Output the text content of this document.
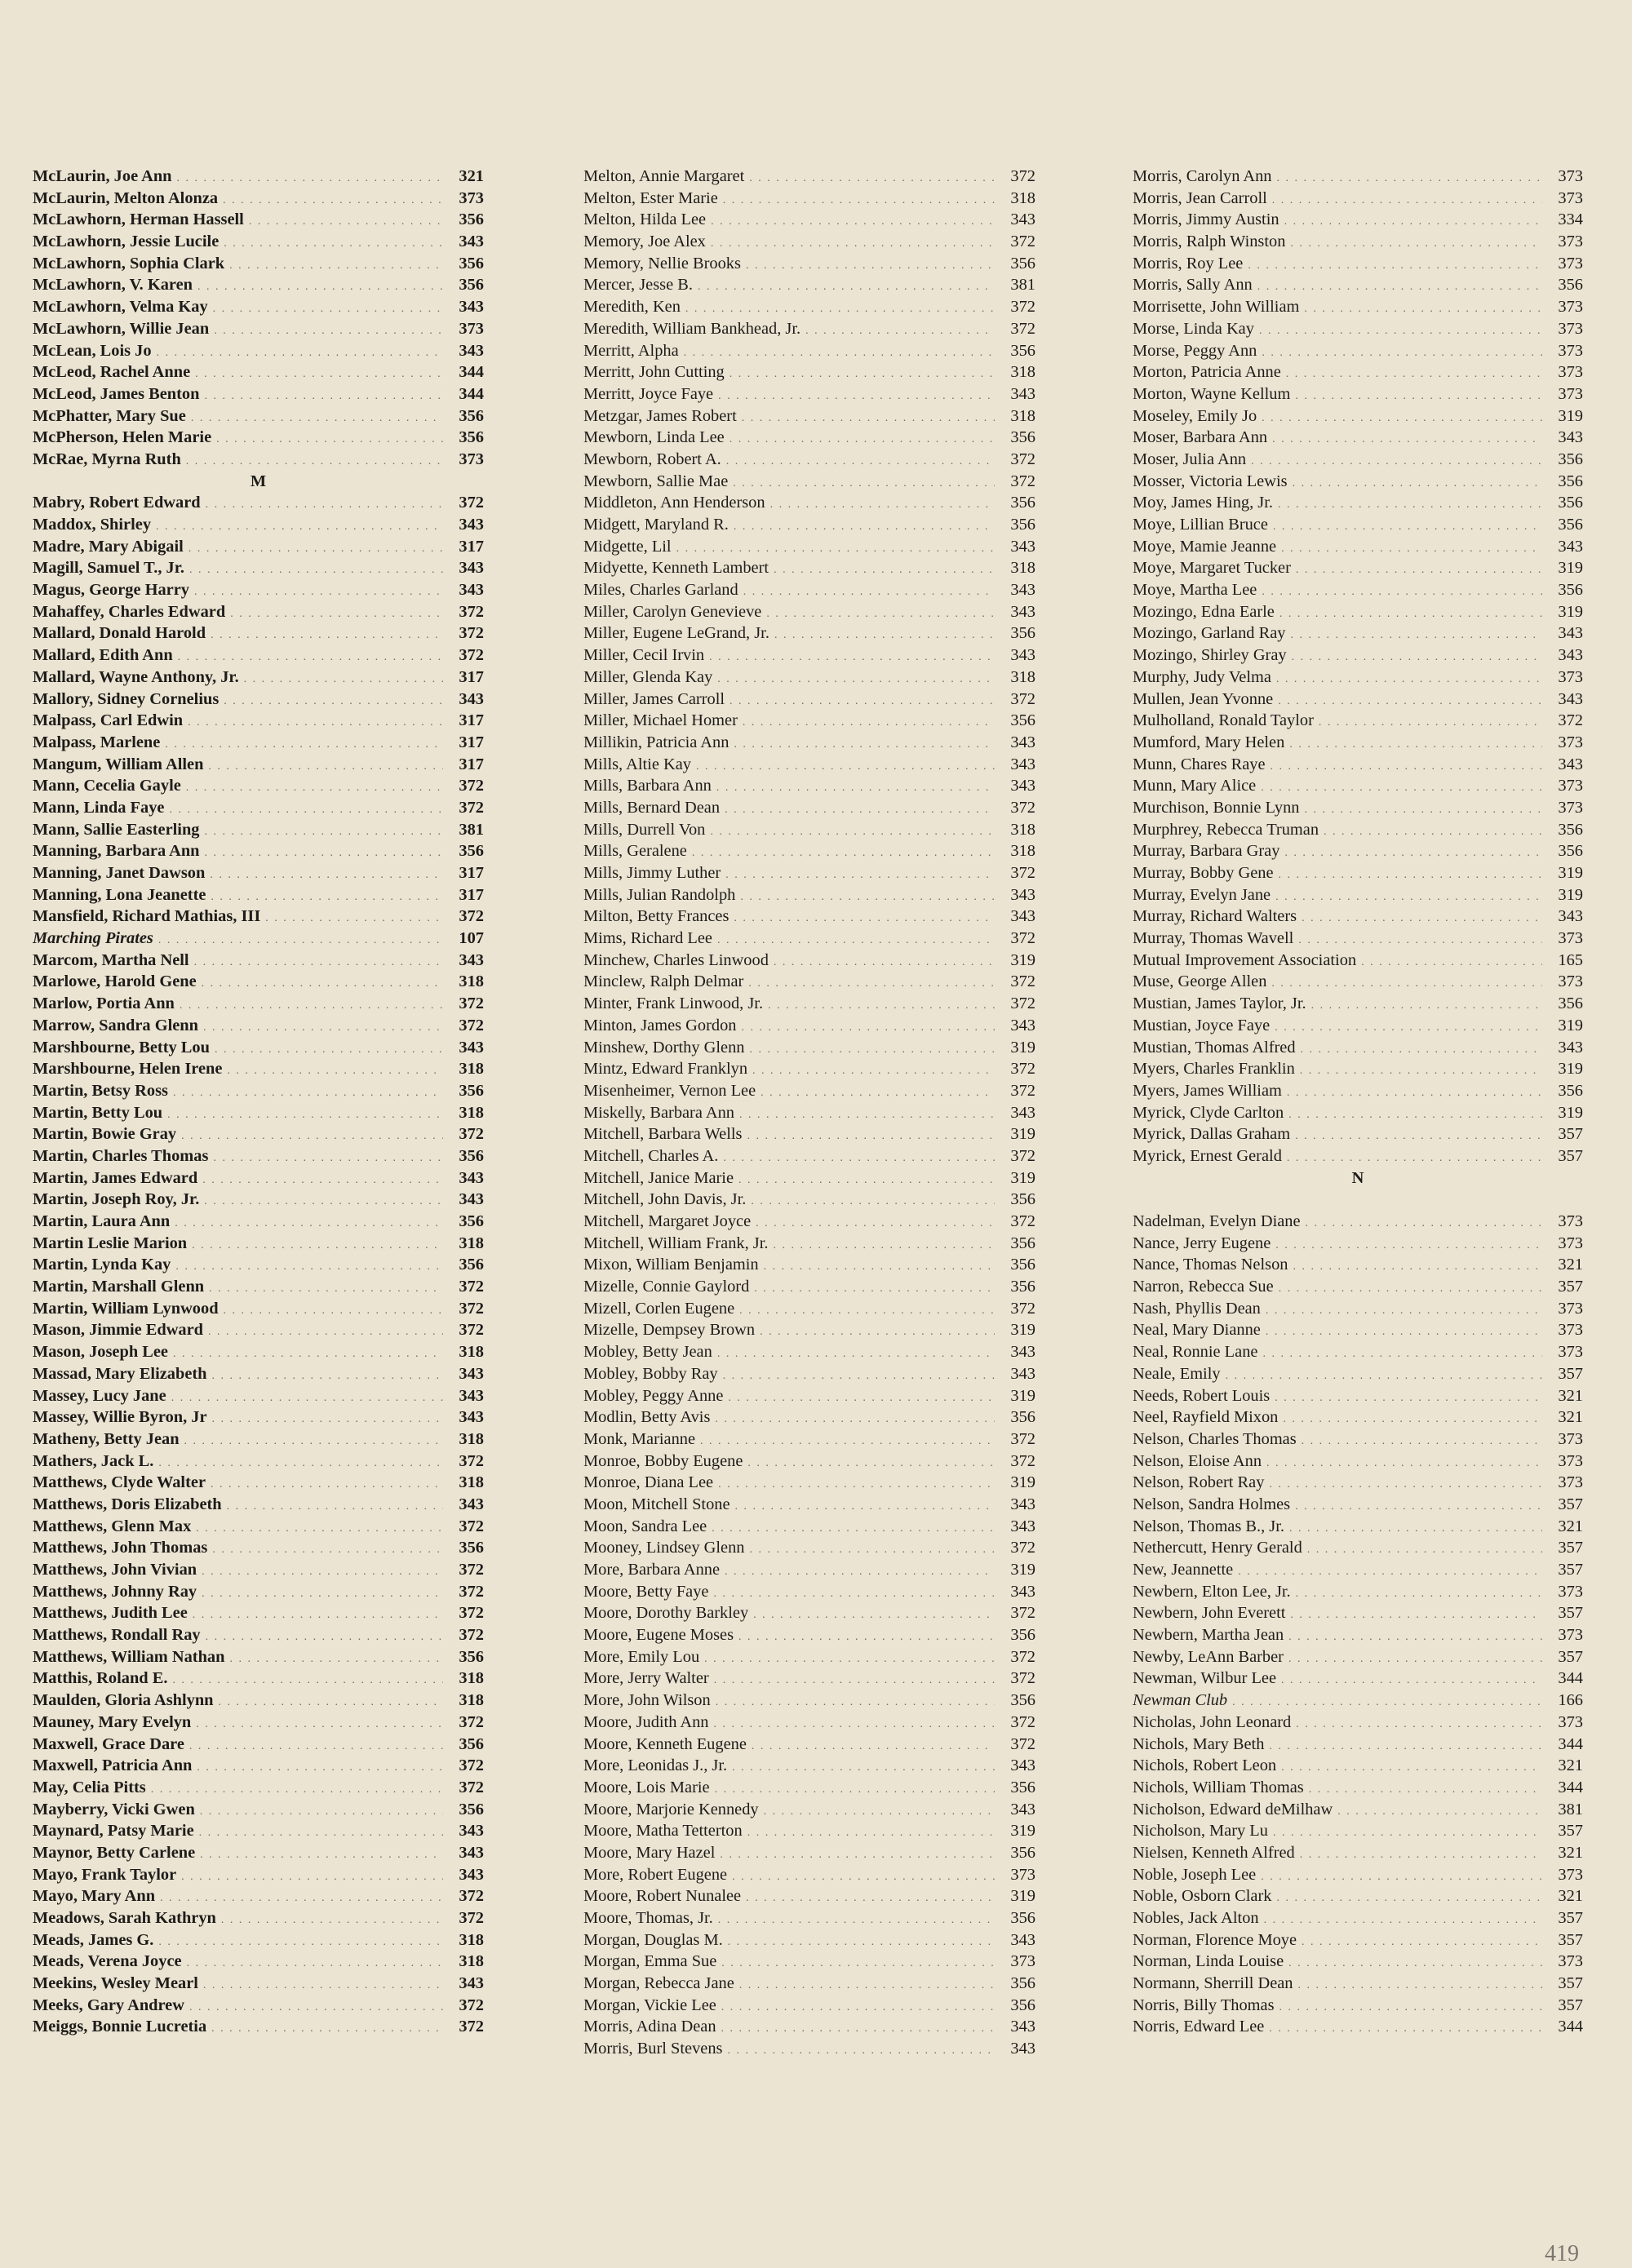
McLaurin, Joe Ann . . .	321
McLaurin, Melton Alonza . . .	373
McLawhorn, Herman Hassell . . .	356
McLawhorn, Jessie Lucile . . .	343
McLawhorn, Sophia Clark . . .	356
McLawhorn, V. Karen . . .	356
McLawhorn, Velma Kay . . .	343
McLawhorn, Willie Jean . . .	373
McLean, Lois Jo . . .	343
McLeod, Rachel Anne . . .	344
McLeod, James Benton . . .	344
McPhatter, Mary Sue . . .	356
McPherson, Helen Marie . . .	356
McRae, Myrna Ruth . . .	373
M
Mabry, Robert Edward . . .	372
Maddox, Shirley . . .	343
Madre, Mary Abigail . . .	317
Magill, Samuel T., Jr. . . .	343
Magus, George Harry . . .	343
Mahaffey, Charles Edward . . .	372
Mallard, Donald Harold . . .	372
Mallard, Edith Ann . . .	372
Mallard, Wayne Anthony, Jr. . . .	317
Mallory, Sidney Cornelius . . .	343
Malpass, Carl Edwin . . .	317
Malpass, Marlene . . .	317
Mangum, William Allen . . .	317
Mann, Cecelia Gayle . . .	372
Mann, Linda Faye . . .	372
Mann, Sallie Easterling . . .	381
Manning, Barbara Ann . . .	356
Manning, Janet Dawson . . .	317
Manning, Lona Jeanette . . .	317
Mansfield, Richard Mathias, III . . .	372
Marching Pirates . . .	107
Marcom, Martha Nell . . .	343
Marlowe, Harold Gene . . .	318
Marlow, Portia Ann . . .	372
Marrow, Sandra Glenn . . .	372
Marshbourne, Betty Lou . . .	343
Marshbourne, Helen Irene . . .	318
Martin, Betsy Ross . . .	356
Martin, Betty Lou . . .	318
Martin, Bowie Gray . . .	372
Martin, Charles Thomas . . .	356
Martin, James Edward . . .	343
Martin, Joseph Roy, Jr. . . .	343
Martin, Laura Ann . . .	356
Martin Leslie Marion . . .	318
Martin, Lynda Kay . . .	356
Martin, Marshall Glenn . . .	372
Martin, William Lynwood . . .	372
Mason, Jimmie Edward . . .	372
Mason, Joseph Lee . . .	318
Massad, Mary Elizabeth . . .	343
Massey, Lucy Jane . . .	343
Massey, Willie Byron, Jr . . .	343
Matheny, Betty Jean . . .	318
Mathers, Jack L. . . .	372
Matthews, Clyde Walter . . .	318
Matthews, Doris Elizabeth . . .	343
Matthews, Glenn Max . . .	372
Matthews, John Thomas . . .	356
Matthews, John Vivian . . .	372
Matthews, Johnny Ray . . .	372
Matthews, Judith Lee . . .	372
Matthews, Rondall Ray . . .	372
Matthews, William Nathan . . .	356
Matthis, Roland E. . . .	318
Maulden, Gloria Ashlynn . . .	318
Mauney, Mary Evelyn . . .	372
Maxwell, Grace Dare . . .	356
Maxwell, Patricia Ann . . .	372
May, Celia Pitts . . .	372
Mayberry, Vicki Gwen . . .	356
Maynard, Patsy Marie . . .	343
Maynor, Betty Carlene . . .	343
Mayo, Frank Taylor . . .	343
Mayo, Mary Ann . . .	372
Meadows, Sarah Kathryn . . .	372
Meads, James G. . . .	318
Meads, Verena Joyce . . .	318
Meekins, Wesley Mearl . . .	343
Meeks, Gary Andrew . . .	372
Meiggs, Bonnie Lucretia . . .	372
Melton, Annie Margaret . . .	372
Melton, Ester Marie . . .	318
Melton, Hilda Lee . . .	343
Memory, Joe Alex . . .	372
Memory, Nellie Brooks . . .	356
Mercer, Jesse B. . . .	381
Meredith, Ken . . .	372
Meredith, William Bankhead, Jr. . . .	372
Merritt, Alpha . . .	356
Merritt, John Cutting . . .	318
Merritt, Joyce Faye . . .	343
Metzgar, James Robert . . .	318
Mewborn, Linda Lee . . .	356
Mewborn, Robert A. . . .	372
Mewborn, Sallie Mae . . .	372
Middleton, Ann Henderson . . .	356
Midgett, Maryland R. . . .	356
Midgette, Lil . . .	343
Midyette, Kenneth Lambert . . .	318
Miles, Charles Garland . . .	343
Miller, Carolyn Genevieve . . .	343
Miller, Eugene LeGrand, Jr. . . .	356
Miller, Cecil Irvin . . .	343
Miller, Glenda Kay . . .	318
Miller, James Carroll . . .	372
Miller, Michael Homer . . .	356
Millikin, Patricia Ann . . .	343
Mills, Altie Kay . . .	343
Mills, Barbara Ann . . .	343
Mills, Bernard Dean . . .	372
Mills, Durrell Von . . .	318
Mills, Geralene . . .	318
Mills, Jimmy Luther . . .	372
Mills, Julian Randolph . . .	343
Milton, Betty Frances . . .	343
Mims, Richard Lee . . .	372
Minchew, Charles Linwood . . .	319
Minclew, Ralph Delmar . . .	372
Minter, Frank Linwood, Jr. . . .	372
Minton, James Gordon . . .	343
Minshew, Dorthy Glenn . . .	319
Mintz, Edward Franklyn . . .	372
Misenheimer, Vernon Lee . . .	372
Miskelly, Barbara Ann . . .	343
Mitchell, Barbara Wells . . .	319
Mitchell, Charles A. . . .	372
Mitchell, Janice Marie . . .	319
Mitchell, John Davis, Jr. . . .	356
Mitchell, Margaret Joyce . . .	372
Mitchell, William Frank, Jr. . . .	356
Mixon, William Benjamin . . .	356
Mizelle, Connie Gaylord . . .	356
Mizell, Corlen Eugene . . .	372
Mizelle, Dempsey Brown . . .	319
Mobley, Betty Jean . . .	343
Mobley, Bobby Ray . . .	343
Mobley, Peggy Anne . . .	319
Modlin, Betty Avis . . .	356
Monk, Marianne . . .	372
Monroe, Bobby Eugene . . .	372
Monroe, Diana Lee . . .	319
Moon, Mitchell Stone . . .	343
Moon, Sandra Lee . . .	343
Mooney, Lindsey Glenn . . .	372
More, Barbara Anne . . .	319
Moore, Betty Faye . . .	343
Moore, Dorothy Barkley . . .	372
Moore, Eugene Moses . . .	356
More, Emily Lou . . .	372
More, Jerry Walter . . .	372
More, John Wilson . . .	356
Moore, Judith Ann . . .	372
Moore, Kenneth Eugene . . .	372
More, Leonidas J., Jr. . . .	343
Moore, Lois Marie . . .	356
Moore, Marjorie Kennedy . . .	343
Moore, Matha Tetterton . . .	319
Moore, Mary Hazel . . .	356
More, Robert Eugene . . .	373
Moore, Robert Nunalee . . .	319
Moore, Thomas, Jr. . . .	356
Morgan, Douglas M. . . .	343
Morgan, Emma Sue . . .	373
Morgan, Rebecca Jane . . .	356
Morgan, Vickie Lee . . .	356
Morris, Adina Dean . . .	343
Morris, Burl Stevens . . .	343
Morris, Carolyn Ann . . .	373
Morris, Jean Carroll . . .	373
Morris, Jimmy Austin . . .	334
Morris, Ralph Winston . . .	373
Morris, Roy Lee . . .	373
Morris, Sally Ann . . .	356
Morrisette, John William . . .	373
Morse, Linda Kay . . .	373
Morse, Peggy Ann . . .	373
Morton, Patricia Anne . . .	373
Morton, Wayne Kellum . . .	373
Moseley, Emily Jo . . .	319
Moser, Barbara Ann . . .	343
Moser, Julia Ann . . .	356
Mosser, Victoria Lewis . . .	356
Moy, James Hing, Jr. . . .	356
Moye, Lillian Bruce . . .	356
Moye, Mamie Jeanne . . .	343
Moye, Margaret Tucker . . .	319
Moye, Martha Lee . . .	356
Mozingo, Edna Earle . . .	319
Mozingo, Garland Ray . . .	343
Mozingo, Shirley Gray . . .	343
Murphy, Judy Velma . . .	373
Mullen, Jean Yvonne . . .	343
Mulholland, Ronald Taylor . . .	372
Mumford, Mary Helen . . .	373
Munn, Chares Raye . . .	343
Munn, Mary Alice . . .	373
Murchison, Bonnie Lynn . . .	373
Murphrey, Rebecca Truman . . .	356
Murray, Barbara Gray . . .	356
Murray, Bobby Gene . . .	319
Murray, Evelyn Jane . . .	319
Murray, Richard Walters . . .	343
Murray, Thomas Wavell . . .	373
Mutual Improvement Association . . .	165
Muse, George Allen . . .	373
Mustian, James Taylor, Jr. . . .	356
Mustian, Joyce Faye . . .	319
Mustian, Thomas Alfred . . .	343
Myers, Charles Franklin . . .	319
Myers, James William . . .	356
Myrick, Clyde Carlton . . .	319
Myrick, Dallas Graham . . .	357
Myrick, Ernest Gerald . . .	357
N
Nadelman, Evelyn Diane . . .	373
Nance, Jerry Eugene . . .	373
Nance, Thomas Nelson . . .	321
Narron, Rebecca Sue . . .	357
Nash, Phyllis Dean . . .	373
Neal, Mary Dianne . . .	373
Neal, Ronnie Lane . . .	373
Neale, Emily . . .	357
Needs, Robert Louis . . .	321
Neel, Rayfield Mixon . . .	321
Nelson, Charles Thomas . . .	373
Nelson, Eloise Ann . . .	373
Nelson, Robert Ray . . .	373
Nelson, Sandra Holmes . . .	357
Nelson, Thomas B., Jr. . . .	321
Nethercutt, Henry Gerald . . .	357
New, Jeannette . . .	357
Newbern, Elton Lee, Jr. . . .	373
Newbern, John Everett . . .	357
Newbern, Martha Jean . . .	373
Newby, LeAnn Barber . . .	357
Newman, Wilbur Lee . . .	344
Newman Club . . .	166
Nicholas, John Leonard . . .	373
Nichols, Mary Beth . . .	344
Nichols, Robert Leon . . .	321
Nichols, William Thomas . . .	344
Nicholson, Edward deMilhaw . . .	381
Nicholson, Mary Lu . . .	357
Nielsen, Kenneth Alfred . . .	321
Noble, Joseph Lee . . .	373
Noble, Osborn Clark . . .	321
Nobles, Jack Alton . . .	357
Norman, Florence Moye . . .	357
Norman, Linda Louise . . .	373
Normann, Sherrill Dean . . .	357
Norris, Billy Thomas . . .	357
Norris, Edward Lee . . .	344
419
